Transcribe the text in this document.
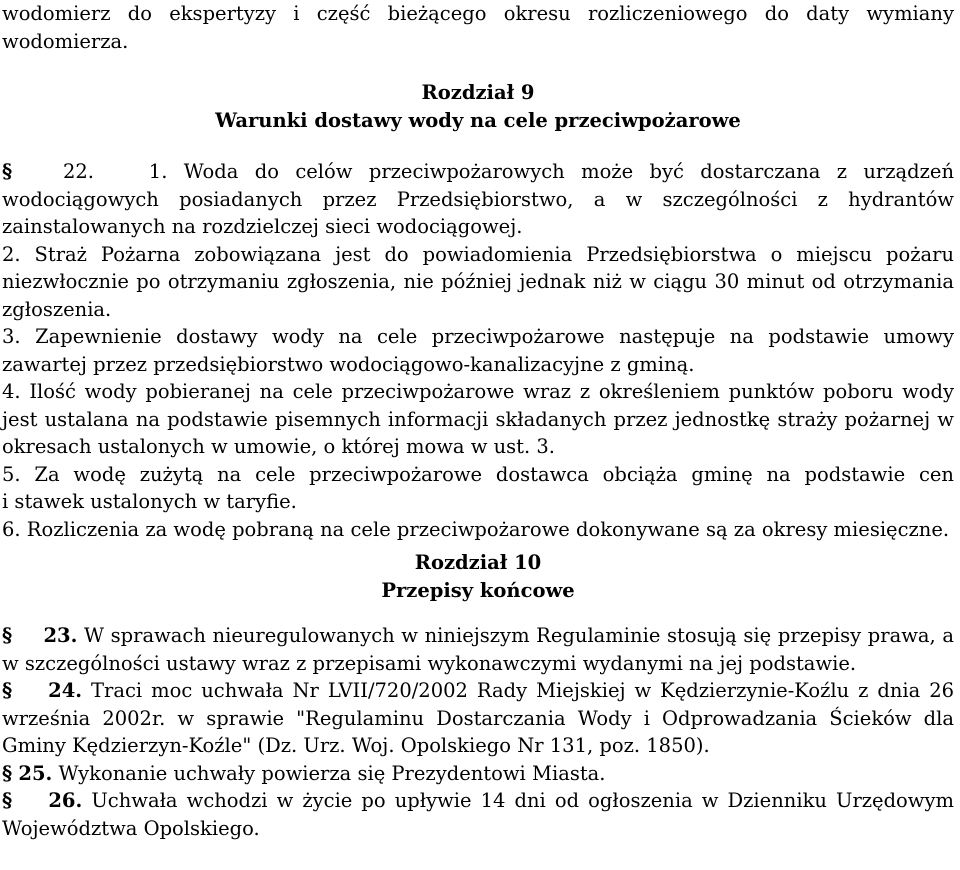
wodomierz do ekspertyzy i część bieżącego okresu rozliczeniowego do daty wymiany

wodomierza.

Rozdział 9
Warunki dostawy wody na cele przeciwpożarowe

§	22.	1. Woda do celów przeciwpożarowych może być dostarczana z urządzeń wodociągowych posiadanych przez Przedsiębiorstwo, a w szczególności z hydrantów zainstalowanych na rozdzielczej sieci wodociągowej.

2. Straż Pożarna zobowiązana jest do powiadomienia Przedsiębiorstwa o miejscu pożaru niezwłocznie po otrzymaniu zgłoszenia, nie później jednak niż w ciągu 30 minut od otrzymania zgłoszenia.

3. Zapewnienie dostawy wody na cele przeciwpożarowe następuje na podstawie umowy zawartej przez przedsiębiorstwo wodociągowo-kanalizacyjne z gminą.

4. Ilość wody pobieranej na cele przeciwpożarowe wraz z określeniem punktów poboru wody jest ustalana na podstawie pisemnych informacji składanych przez jednostkę straży pożarnej w okresach ustalonych w umowie, o której mowa w ust. 3.

5. Za wodę zużytą na cele przeciwpożarowe dostawca obciąża gminę na podstawie cen

i stawek ustalonych w taryfie.

6. Rozliczenia za wodę pobraną na cele przeciwpożarowe dokonywane są za okresy miesięczne.

Rozdział 10
Przepisy końcowe

§ 23. W sprawach nieuregulowanych w niniejszym Regulaminie stosują się przepisy prawa, a w szczególności ustawy wraz z przepisami wykonawczymi wydanymi na jej podstawie.

§ 24. Traci moc uchwała Nr LVII/720/2002 Rady Miejskiej w Kędzierzynie-Koźlu z dnia 26 września 2002r. w sprawie "Regulaminu Dostarczania Wody i Odprowadzania Ścieków dla Gminy Kędzierzyn-Koźle" (Dz. Urz. Woj. Opolskiego Nr 131, poz. 1850).

§ 25. Wykonanie uchwały powierza się Prezydentowi Miasta.

§ 26. Uchwała wchodzi w życie po upływie 14 dni od ogłoszenia w Dzienniku Urzędowym Województwa Opolskiego.
